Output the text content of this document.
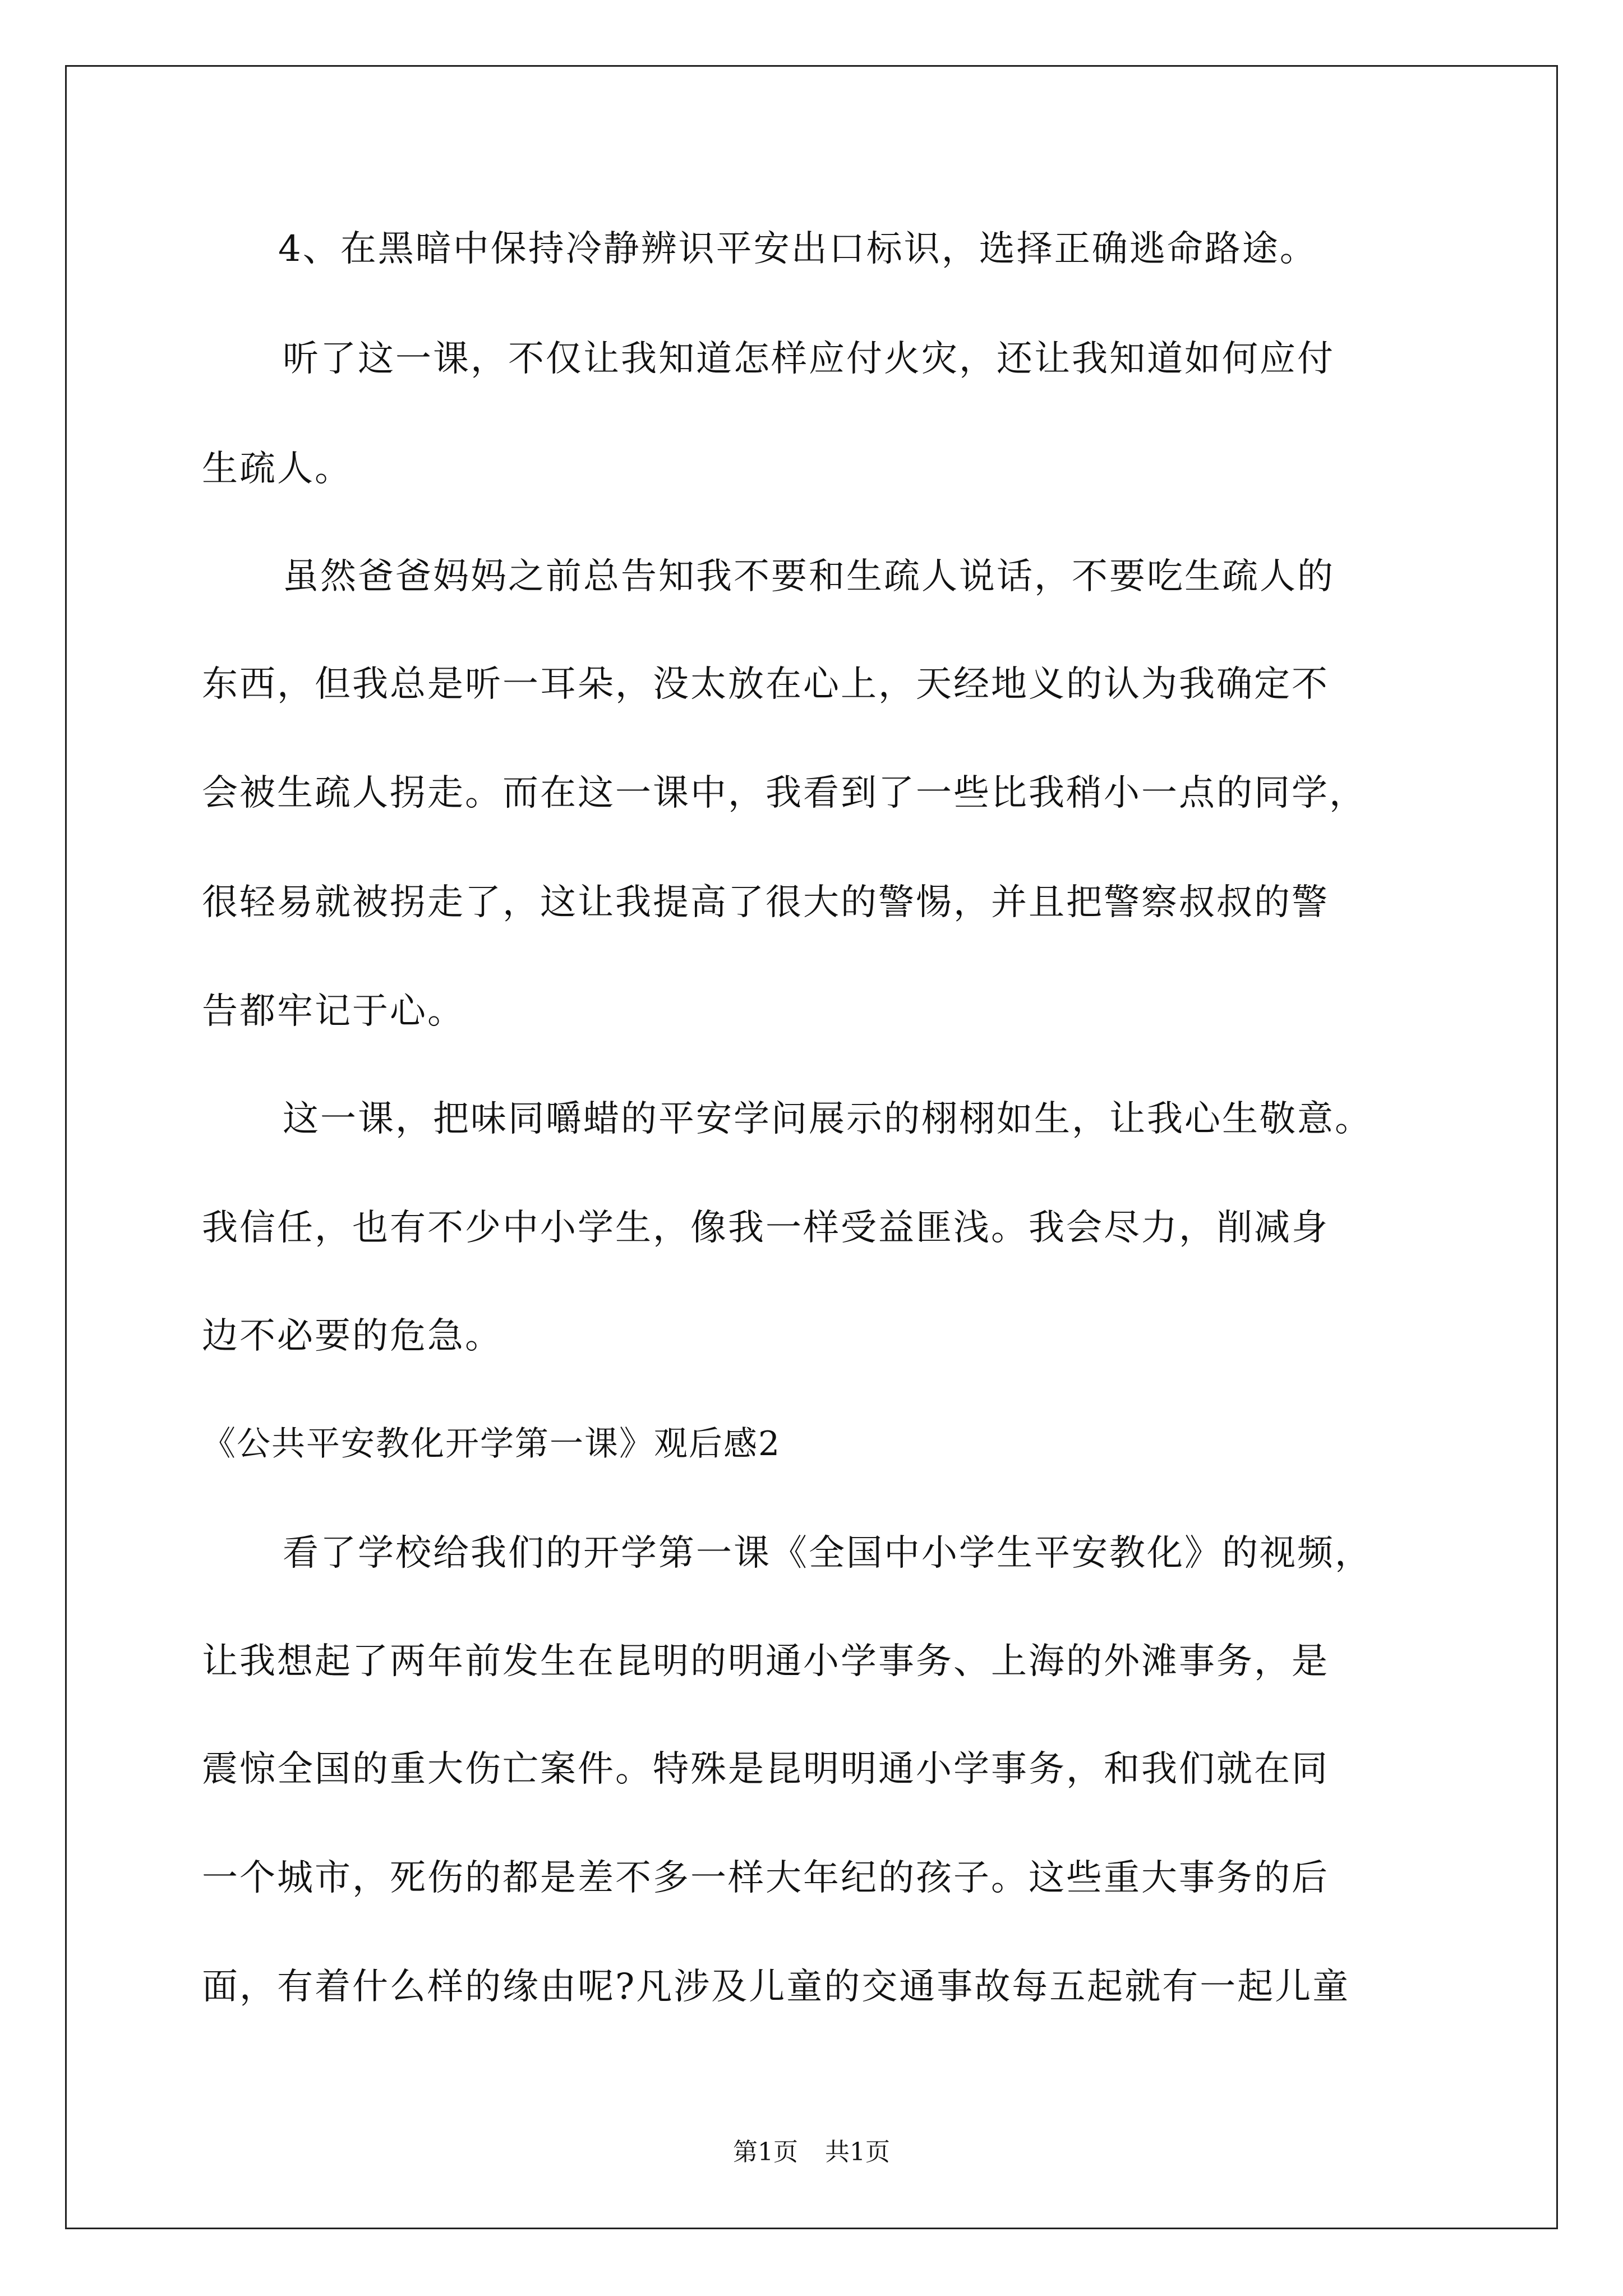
4、在黑暗中保持冷静辨识平安出口标识，选择正确逃命路途。
听了这一课，不仅让我知道怎样应付火灾，还让我知道如何应付
生疏人。
虽然爸爸妈妈之前总告知我不要和生疏人说话，不要吃生疏人的
东西，但我总是听一耳朵，没太放在心上，天经地义的认为我确定不
会被生疏人拐走。而在这一课中，我看到了一些比我稍小一点的同学，
很轻易就被拐走了，这让我提高了很大的警惕，并且把警察叔叔的警
告都牢记于心。
这一课，把味同嚼蜡的平安学问展示的栩栩如生，让我心生敬意。
我信任，也有不少中小学生，像我一样受益匪浅。我会尽力，削减身
边不必要的危急。
《公共平安教化开学第一课》观后感2
看了学校给我们的开学第一课《全国中小学生平安教化》的视频，
让我想起了两年前发生在昆明的明通小学事务、上海的外滩事务，是
震惊全国的重大伤亡案件。特殊是昆明明通小学事务，和我们就在同
一个城市，死伤的都是差不多一样大年纪的孩子。这些重大事务的后
面，有着什么样的缘由呢?凡涉及儿童的交通事故每五起就有一起儿童
第1页 共1页
